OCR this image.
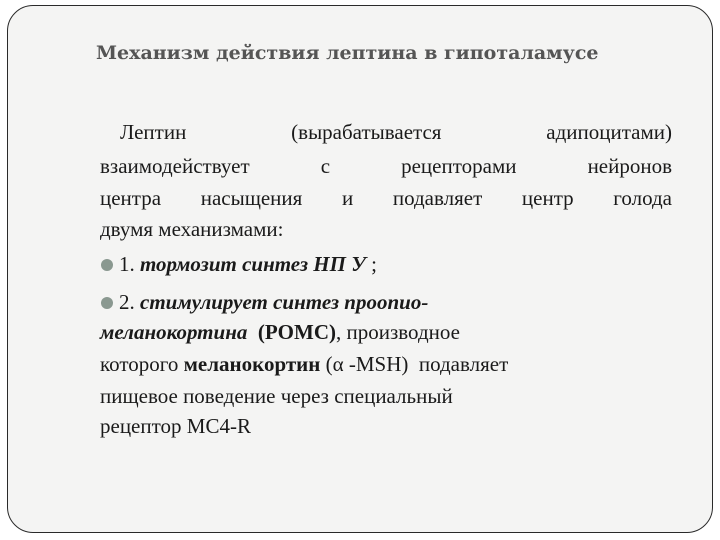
Механизм действия лептина в гипоталамусе
Лептин	(вырабатывается	адипоцитами)
взаимодействует	с	рецепторами	нейронов
центра насыщения и подавляет центр голода
двумя механизмами:
1. тормозит синтез НП У ;
2. стимулирует синтез проопио-
меланокортина (POMC), производное
которого меланокортин (α -MSH) подавляет
пищевое поведение через специальный
рецептор MC4-R
